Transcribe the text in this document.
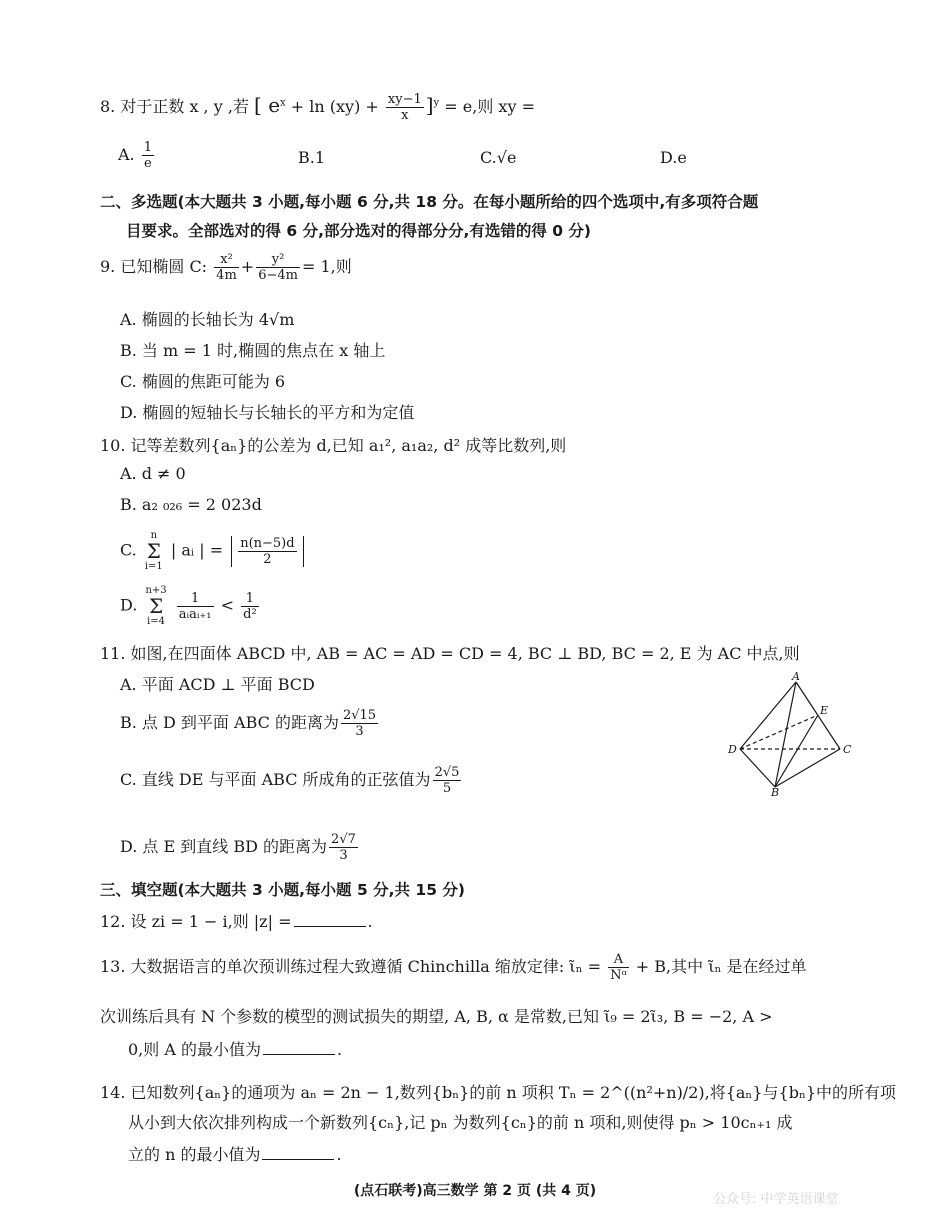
8. 对于正数 x , y ,若 [ $e^x + \ln (xy) + \frac{xy-1}{x} ]^y = e$,则 xy =
A. $\frac{1}{e}$	B.1	C.√e	D.e
二、多选题(本大题共 3 小题,每小题 6 分,共 18 分。在每小题所给的四个选项中,有多项符合题
目要求。全部选对的得 6 分,部分选对的得部分分,有选错的得 0 分)
9. 已知椭圆 C: $\frac{\text{x²}}{4m} + \frac{\text{y²}}{6-4m} = 1$,则
A. 椭圆的长轴长为 4√m
B. 当 m = 1 时,椭圆的焦点在 x 轴上
C. 椭圆的焦距可能为 6
D. 椭圆的短轴长与长轴长的平方和为定值
10. 记等差数列{aₙ}的公差为 d,已知 a₁², a₁a₂, d² 成等比数列,则
A. d ≠ 0
B. a₂ ₀₂₆ = 2 023d
C. n
Σ
i=1 | aᵢ | = $\frac{n(n-5)d}{2}$
D. n+3
Σ
$i=4 \frac{1}{\text{aᵢaᵢ₊₁}} < \frac{1}{\text{d²}}$
11. 如图,在四面体 ABCD 中, AB = AC = AD = CD = 4, BC ⊥ BD, BC = 2, E 为 AC 中点,则
A. 平面 ACD ⊥ 平面 BCD
B. 点 D 到平面 ABC 的距离为 $\frac{2√15}{3}$
C. 直线 DE 与平面 ABC 所成角的正弦值为 $\frac{2√5}{5}$
D. 点 E 到直线 BD 的距离为 $\frac{2√7}{3}$
A
D	C
B
E
三、填空题(本大题共 3 小题,每小题 5 分,共 15 分)
12. 设 zi = 1 − i,则 |z| =	.
13. 大数据语言的单次预训练过程大致遵循 Chinchilla 缩放定律: ι̃ₙ = $\frac{A}{\text{Nᵅ}} + B$,其中 ι̃ₙ 是在经过单
次训练后具有 N 个参数的模型的测试损失的期望, A, B, α 是常数,已知 ι̃₉ = 2ι̃₃, B = −2, A >
0,则 A 的最小值为	.
14. 已知数列{aₙ}的通项为 aₙ = 2n − 1,数列{bₙ}的前 n 项积 Tₙ = 2^((n²+n)/2),将{aₙ}与{bₙ}中的所有项
从小到大依次排列构成一个新数列{cₙ},记 pₙ 为数列{cₙ}的前 n 项和,则使得 pₙ > 10cₙ₊₁ 成
立的 n 的最小值为	.
(点石联考)高三数学 第 2 页 (共 4 页)
公众号: 中学英语课堂
